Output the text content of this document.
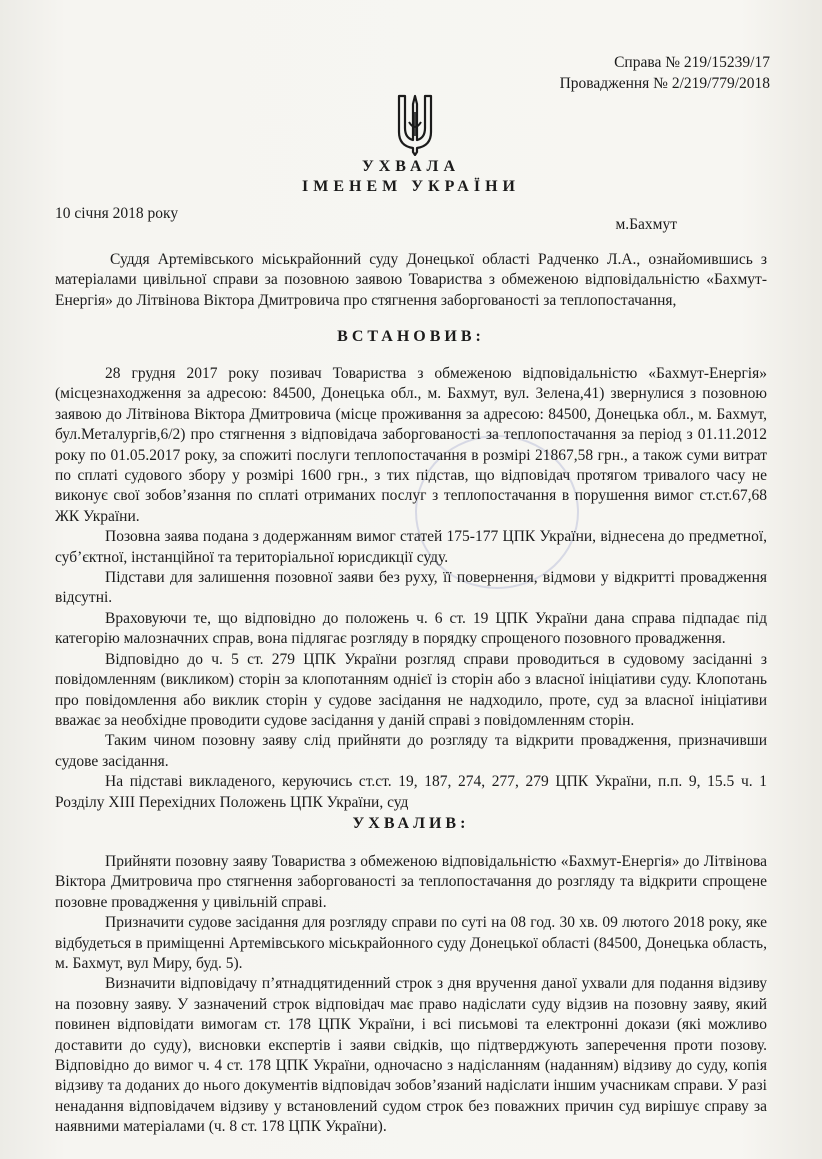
Справа № 219/15239/17
Провадження № 2/219/779/2018
УХВАЛА
ІМЕНЕМ УКРАЇНИ
10 січня 2018 року
м.Бахмут

Суддя Артемівського міськрайонний суду Донецької області Радченко Л.А., ознайомившись з матеріалами цивільної справи за позовною заявою Товариства з обмеженою відповідальністю «Бахмут-Енергія» до Літвінова Віктора Дмитровича про стягнення заборгованості за теплопостачання,

ВСТАНОВИВ:

28 грудня 2017 року позивач Товариства з обмеженою відповідальністю «Бахмут-Енергія» (місцезнаходження за адресою: 84500, Донецька обл., м. Бахмут, вул. Зелена,41) звернулися з позовною заявою до Літвінова Віктора Дмитровича (місце проживання за адресою: 84500, Донецька обл., м. Бахмут, бул.Металургів,6/2) про стягнення з відповідача заборгованості за теплопостачання за період з 01.11.2012 року по 01.05.2017 року, за спожиті послуги теплопостачання в розмірі 21867,58 грн., а також суми витрат по сплаті судового збору у розмірі 1600 грн., з тих підстав, що відповідач протягом тривалого часу не виконує свої зобов’язання по сплаті отриманих послуг з теплопостачання в порушення вимог ст.ст.67,68 ЖК України.

Позовна заява подана з додержанням вимог статей 175-177 ЦПК України, віднесена до предметної, суб’єктної, інстанційної та територіальної юрисдикції суду.

Підстави для залишення позовної заяви без руху, її повернення, відмови у відкритті провадження відсутні.

Враховуючи те, що відповідно до положень ч. 6 ст. 19 ЦПК України дана справа підпадає під категорію малозначних справ, вона підлягає розгляду в порядку спрощеного позовного провадження.

Відповідно до ч. 5 ст. 279 ЦПК України розгляд справи проводиться в судовому засіданні з повідомленням (викликом) сторін за клопотанням однієї із сторін або з власної ініціативи суду. Клопотань про повідомлення або виклик сторін у судове засідання не надходило, проте, суд за власної ініціативи вважає за необхідне проводити судове засідання у даній справі з повідомленням сторін.

Таким чином позовну заяву слід прийняти до розгляду та відкрити провадження, призначивши судове засідання.

На підставі викладеного, керуючись ст.ст. 19, 187, 274, 277, 279 ЦПК України, п.п. 9, 15.5 ч. 1 Розділу XIII Перехідних Положень ЦПК України, суд

УХВАЛИВ:

Прийняти позовну заяву Товариства з обмеженою відповідальністю «Бахмут-Енергія» до Літвінова Віктора Дмитровича про стягнення заборгованості за теплопостачання до розгляду та відкрити спрощене позовне провадження у цивільній справі.

Призначити судове засідання для розгляду справи по суті на 08 год. 30 хв. 09 лютого 2018 року, яке відбудеться в приміщенні Артемівського міськрайонного суду Донецької області (84500, Донецька область, м. Бахмут, вул Миру, буд. 5).

Визначити відповідачу п’ятнадцятиденний строк з дня вручення даної ухвали для подання відзиву на позовну заяву. У зазначений строк відповідач має право надіслати суду відзив на позовну заяву, який повинен відповідати вимогам ст. 178 ЦПК України, і всі письмові та електронні докази (які можливо доставити до суду), висновки експертів і заяви свідків, що підтверджують заперечення проти позову. Відповідно до вимог ч. 4 ст. 178 ЦПК України, одночасно з надісланням (наданням) відзиву до суду, копія відзиву та доданих до нього документів відповідач зобов’язаний надіслати іншим учасникам справи. У разі ненадання відповідачем відзиву у встановлений судом строк без поважних причин суд вирішує справу за наявними матеріалами (ч. 8 ст. 178 ЦПК України).
